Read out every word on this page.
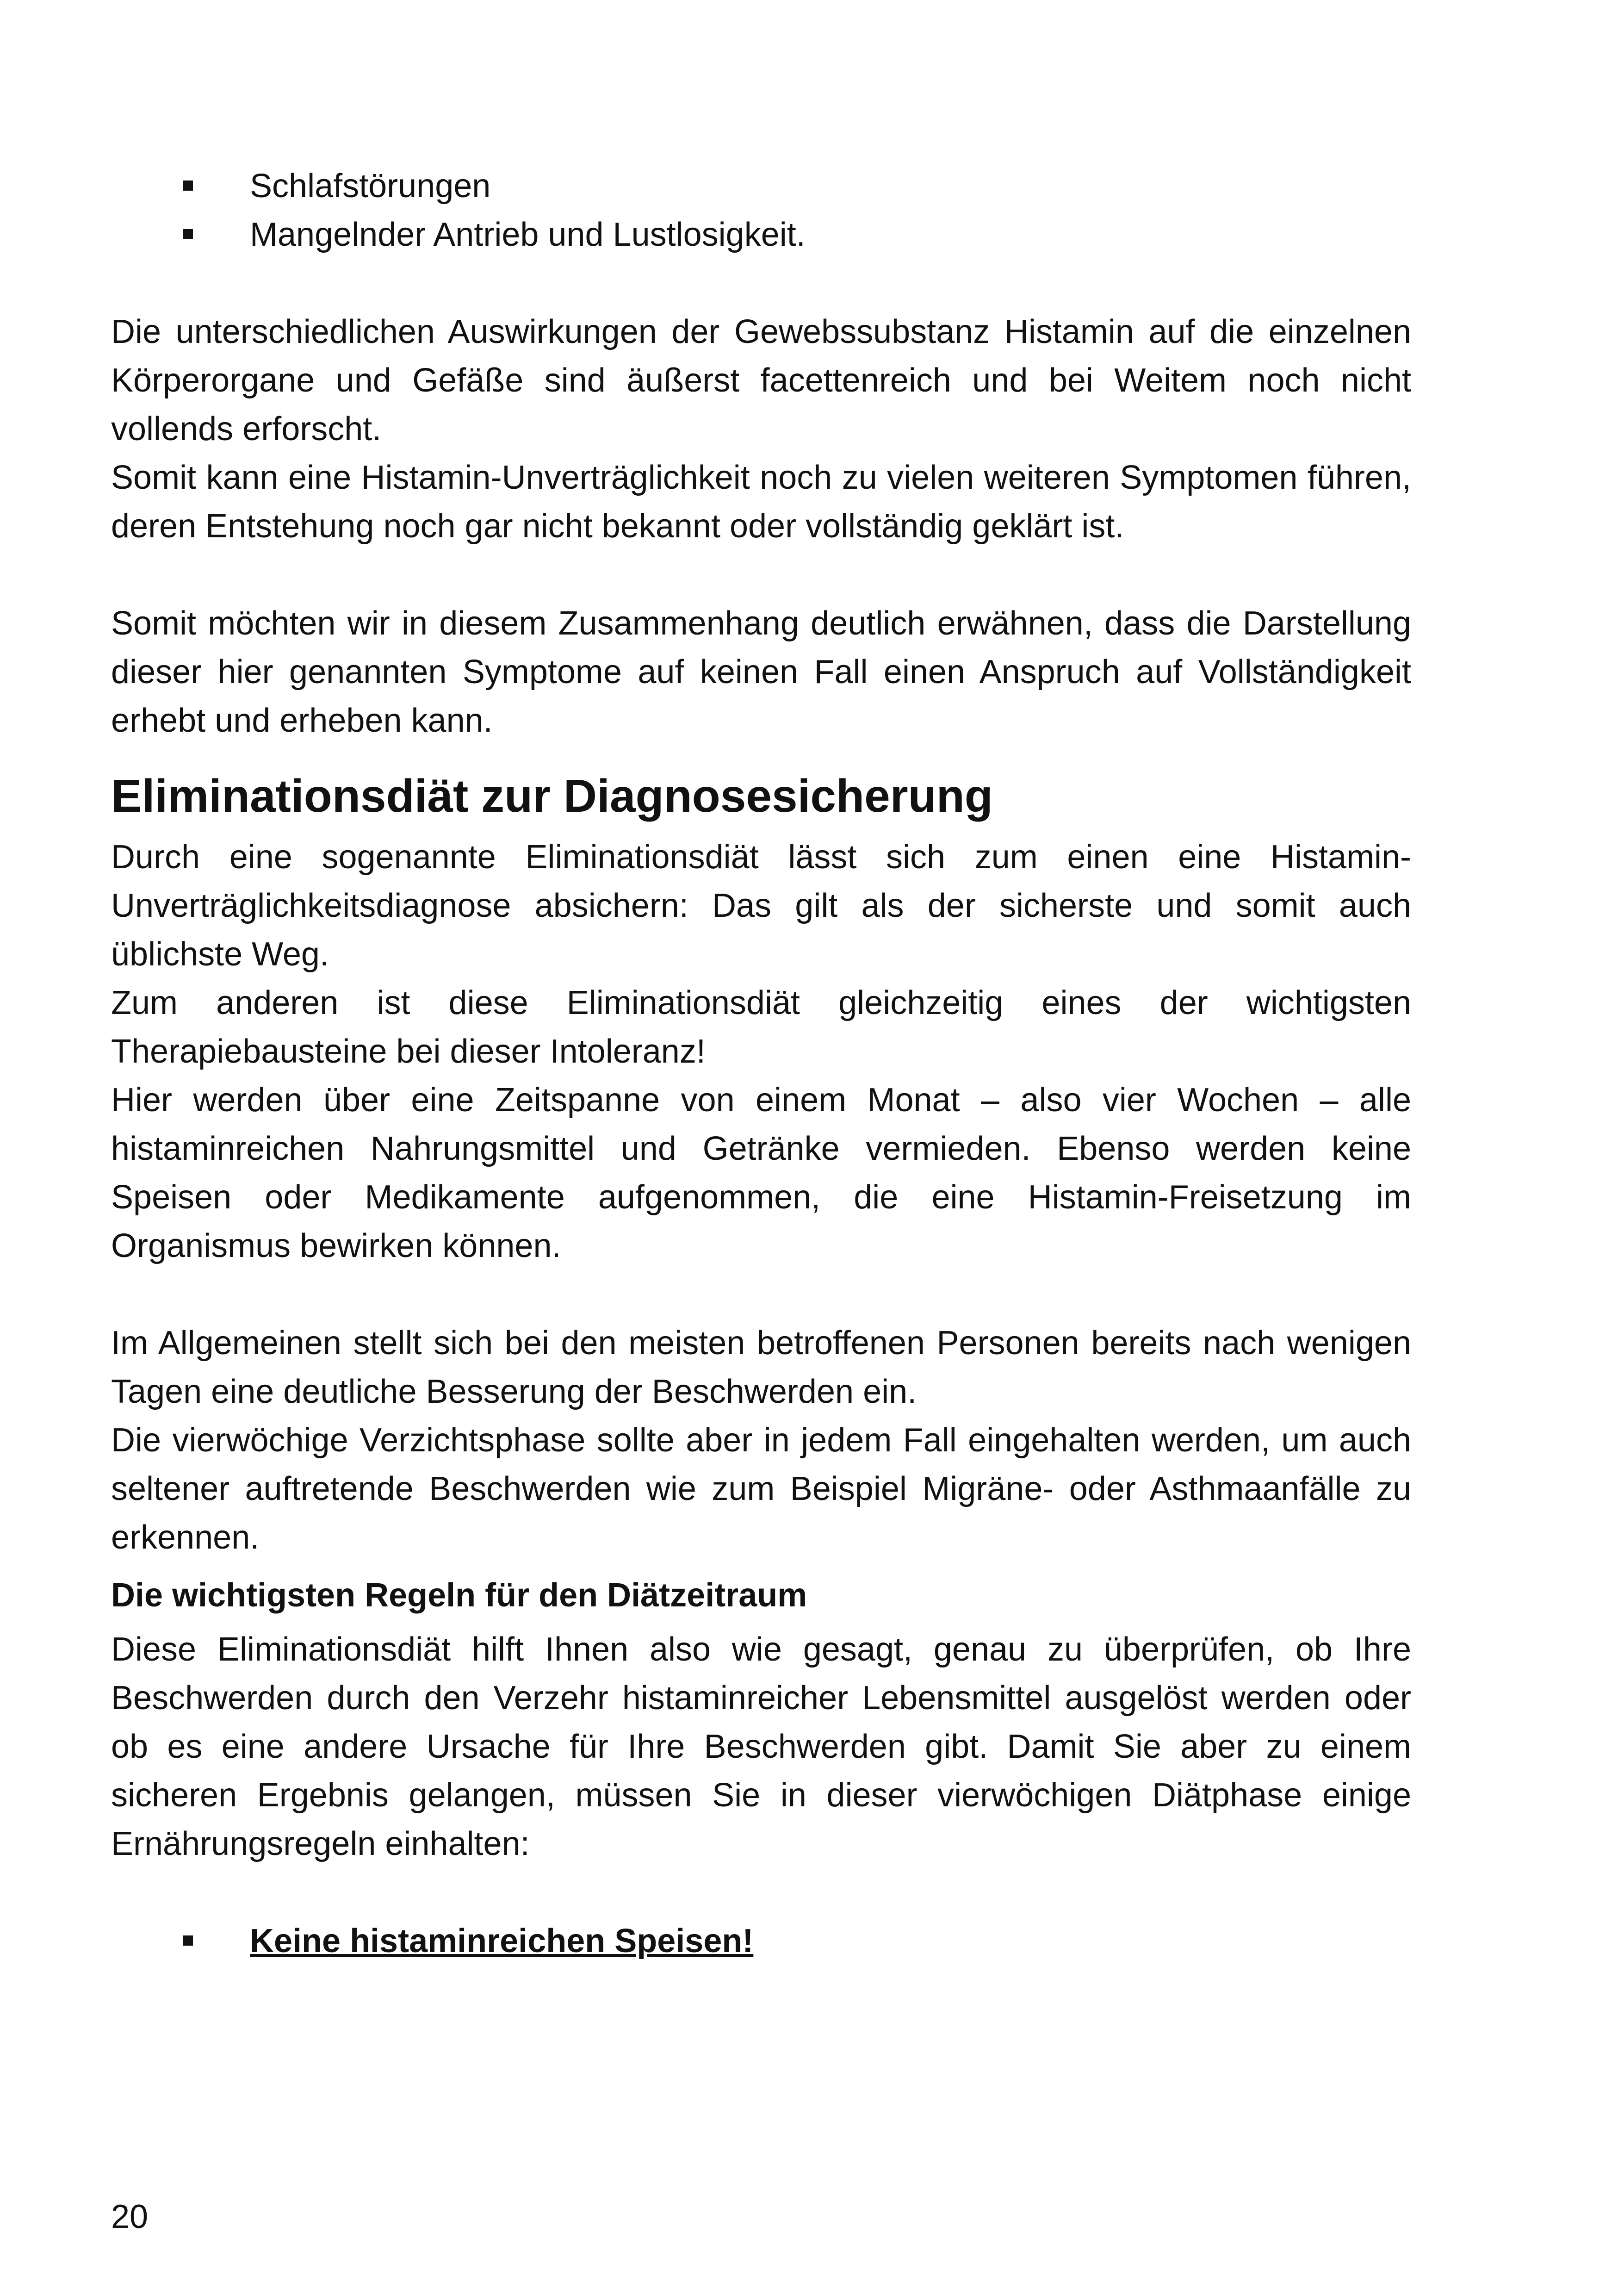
Schlafstörungen
Mangelnder Antrieb und Lustlosigkeit.

Die unterschiedlichen Auswirkungen der Gewebssubstanz Histamin auf die einzelnen Körperorgane und Gefäße sind äußerst facettenreich und bei Weitem noch nicht vollends erforscht.
Somit kann eine Histamin-Unverträglichkeit noch zu vielen weiteren Symptomen führen, deren Entstehung noch gar nicht bekannt oder vollständig geklärt ist.

Somit möchten wir in diesem Zusammenhang deutlich erwähnen, dass die Darstellung dieser hier genannten Symptome auf keinen Fall einen Anspruch auf Vollständigkeit erhebt und erheben kann.

Eliminationsdiät zur Diagnosesicherung

Durch eine sogenannte Eliminationsdiät lässt sich zum einen eine Histamin-Unverträglichkeitsdiagnose absichern: Das gilt als der sicherste und somit auch üblichste Weg.
Zum anderen ist diese Eliminationsdiät gleichzeitig eines der wichtigsten Therapiebausteine bei dieser Intoleranz!
Hier werden über eine Zeitspanne von einem Monat – also vier Wochen – alle histaminreichen Nahrungsmittel und Getränke vermieden. Ebenso werden keine Speisen oder Medikamente aufgenommen, die eine Histamin-Freisetzung im Organismus bewirken können.

Im Allgemeinen stellt sich bei den meisten betroffenen Personen bereits nach wenigen Tagen eine deutliche Besserung der Beschwerden ein.
Die vierwöchige Verzichtsphase sollte aber in jedem Fall eingehalten werden, um auch seltener auftretende Beschwerden wie zum Beispiel Migräne- oder Asthmaanfälle zu erkennen.

Die wichtigsten Regeln für den Diätzeitraum

Diese Eliminationsdiät hilft Ihnen also wie gesagt, genau zu überprüfen, ob Ihre Beschwerden durch den Verzehr histaminreicher Lebensmittel ausgelöst werden oder ob es eine andere Ursache für Ihre Beschwerden gibt. Damit Sie aber zu einem sicheren Ergebnis gelangen, müssen Sie in dieser vierwöchigen Diätphase einige Ernährungsregeln einhalten:

Keine histaminreichen Speisen!
20
